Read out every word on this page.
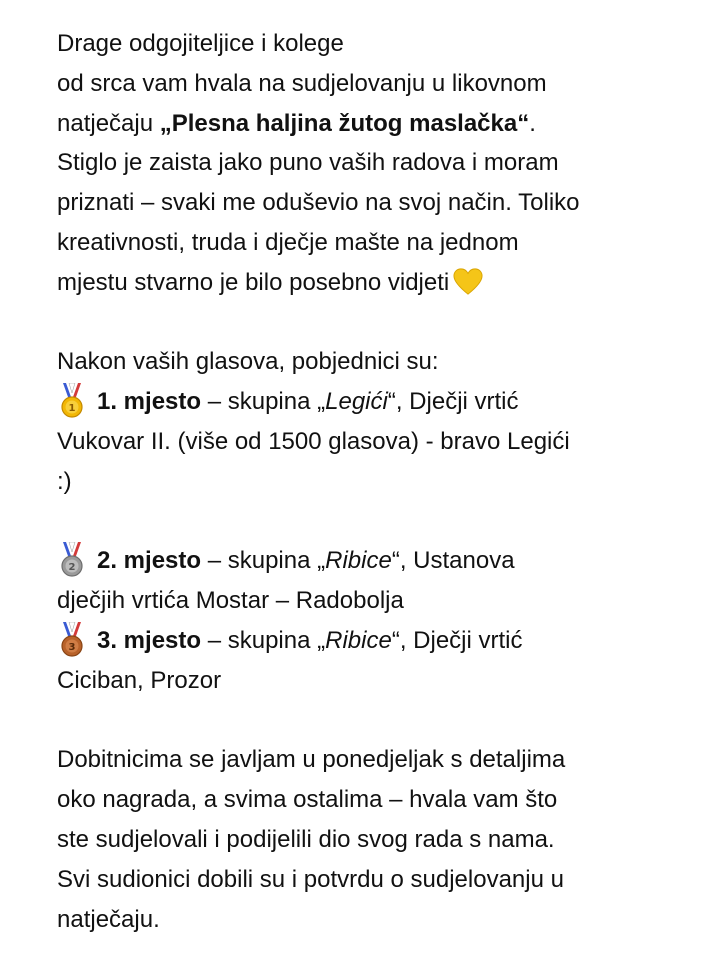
Drage odgojiteljice i kolege
od srca vam hvala na sudjelovanju u likovnom
natječaju „Plesna haljina žutog maslačka“.
Stiglo je zaista jako puno vaših radova i moram
priznati – svaki me oduševio na svoj način. Toliko
kreativnosti, truda i dječje mašte na jednom
mjestu stvarno je bilo posebno vidjeti
Nakon vaših glasova, pobjednici su:
1 1. mjesto – skupina „Legići“, Dječji vrtić
Vukovar II. (više od 1500 glasova) - bravo Legići
:)
2 2. mjesto – skupina „Ribice“, Ustanova
dječjih vrtića Mostar – Radobolja
3 3. mjesto – skupina „Ribice“, Dječji vrtić
Ciciban, Prozor
Dobitnicima se javljam u ponedjeljak s detaljima
oko nagrada, a svima ostalima – hvala vam što
ste sudjelovali i podijelili dio svog rada s nama.
Svi sudionici dobili su i potvrdu o sudjelovanju u
natječaju.
